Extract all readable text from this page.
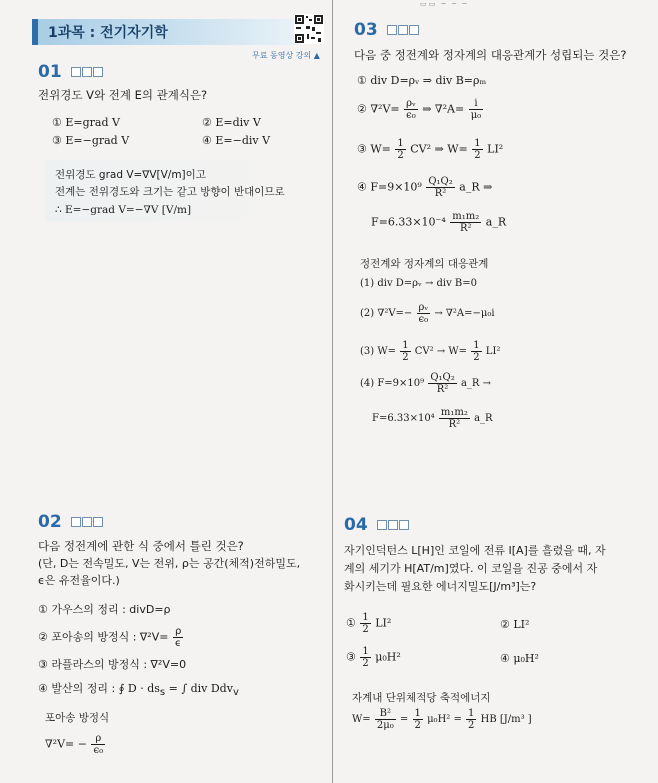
▭▭ ─ ─ ─
1과목 : 전기자기학
무료 동영상 강의 ▲
01
전위경도 V와 전계 E의 관계식은?
① E=grad V	② E=div V
③ E=−grad V	④ E=−div V
전위경도 grad V=∇V[V/m]이고
전계는 전위경도와 크기는 같고 방향이 반대이므로
∴ E=−grad V=−∇V [V/m]
02
다음 정전계에 관한 식 중에서 틀린 것은?
(단, D는 전속밀도, V는 전위, ρ는 공간(체적)전하밀도,
ϵ은 유전율이다.)
① 가우스의 정리 : divD=ρ
② 포아송의 방정식 : $\nabla^2V= \frac{\rho}{\epsilon}$
③ 라플라스의 방정식 : ∇²V=0
④ 발산의 정리 : ∮ $D \cdot ds_s$ = ∫ div Ddv$_v$
포아송 방정식
$\nabla^2V= - \frac{\rho}{\text{ϵ₀}}$
03
다음 중 정전계와 정자계의 대응관계가 성립되는 것은?
① div D=ρᵥ ⇒ div B=ρₘ
② $\nabla^2V= \frac{\text{ρᵥ}}{\text{ϵ₀}}$ ⇒ $\nabla^2A= \frac{i}{\text{μ₀}}$
③ $W= \frac{1}{2} CV^2$ ⇒ $W= \frac{1}{2} LI^2$
④ $F=9\times 10^9 \frac{\text{Q₁Q₂}}{\text{R²}}$ a_R ⇒
$F=6.33\times 10^{-4} \frac{\text{m₁m₂}}{\text{R²}}$ a_R
정전계와 정자계의 대응관계
(1) div D=ρᵥ → div B=0
(2) $\nabla^2V=- \frac{\text{ρᵥ}}{\text{ϵ₀}} \to \nabla^2A=-\mu_0i$
(3) $W= \frac{1}{2} CV^2 \to W= \frac{1}{2} LI^2$
(4) $F=9\times 10^9 \frac{\text{Q₁Q₂}}{\text{R²}}$ a_R →
$F=6.33\times 10^4 \frac{\text{m₁m₂}}{\text{R²}}$ a_R
04
자기인덕턴스 L[H]인 코일에 전류 I[A]를 흘렸을 때, 자
계의 세기가 H[AT/m]였다. 이 코일을 진공 중에서 자
화시키는데 필요한 에너지밀도[J/m³]는?
① $\frac{1}{2} LI^2$	② LI²
③ $\frac{1}{2} \mu_0H^2$	④ μ₀H²
자계내 단위체적당 축적에너지
$W= \frac{\text{B²}}{\text{2μ₀}} = \frac{1}{2} \mu_0H^2 = \frac{1}{2}$ HB [J/m³ ]
